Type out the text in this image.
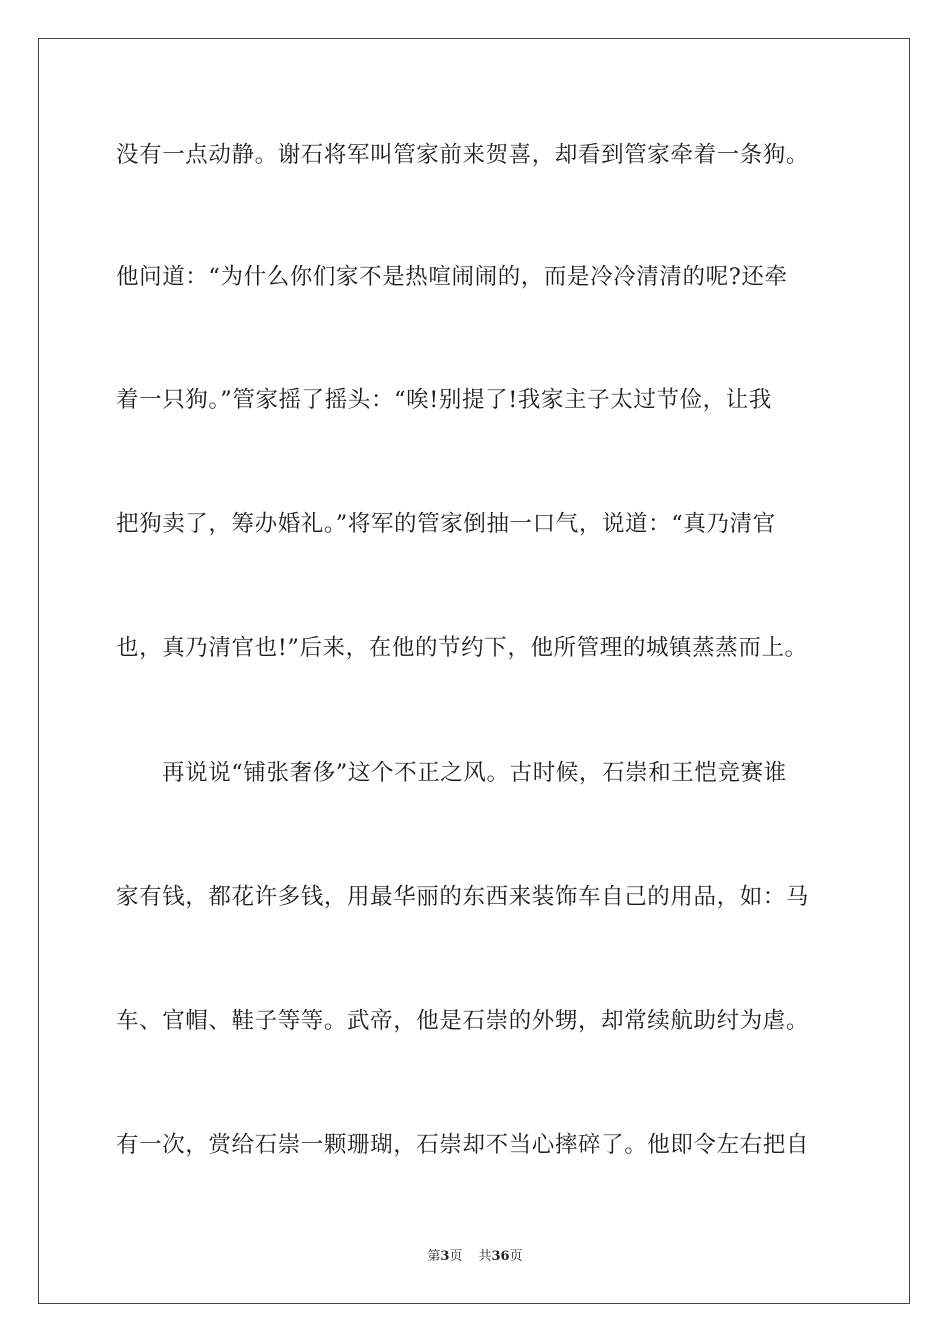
没有一点动静。谢石将军叫管家前来贺喜，却看到管家牵着一条狗。
他问道：“为什么你们家不是热喧闹闹的，而是冷冷清清的呢?还牵
着一只狗。”管家摇了摇头：“唉!别提了!我家主子太过节俭，让我
把狗卖了，筹办婚礼。”将军的管家倒抽一口气，说道：“真乃清官
也，真乃清官也!”后来，在他的节约下，他所管理的城镇蒸蒸而上。
再说说“铺张奢侈”这个不正之风。古时候，石崇和王恺竞赛谁
家有钱，都花许多钱，用最华丽的东西来装饰车自己的用品，如：马
车、官帽、鞋子等等。武帝，他是石崇的外甥，却常续航助纣为虐。
有一次，赏给石崇一颗珊瑚，石崇却不当心摔碎了。他即令左右把自
第3页 共36页
